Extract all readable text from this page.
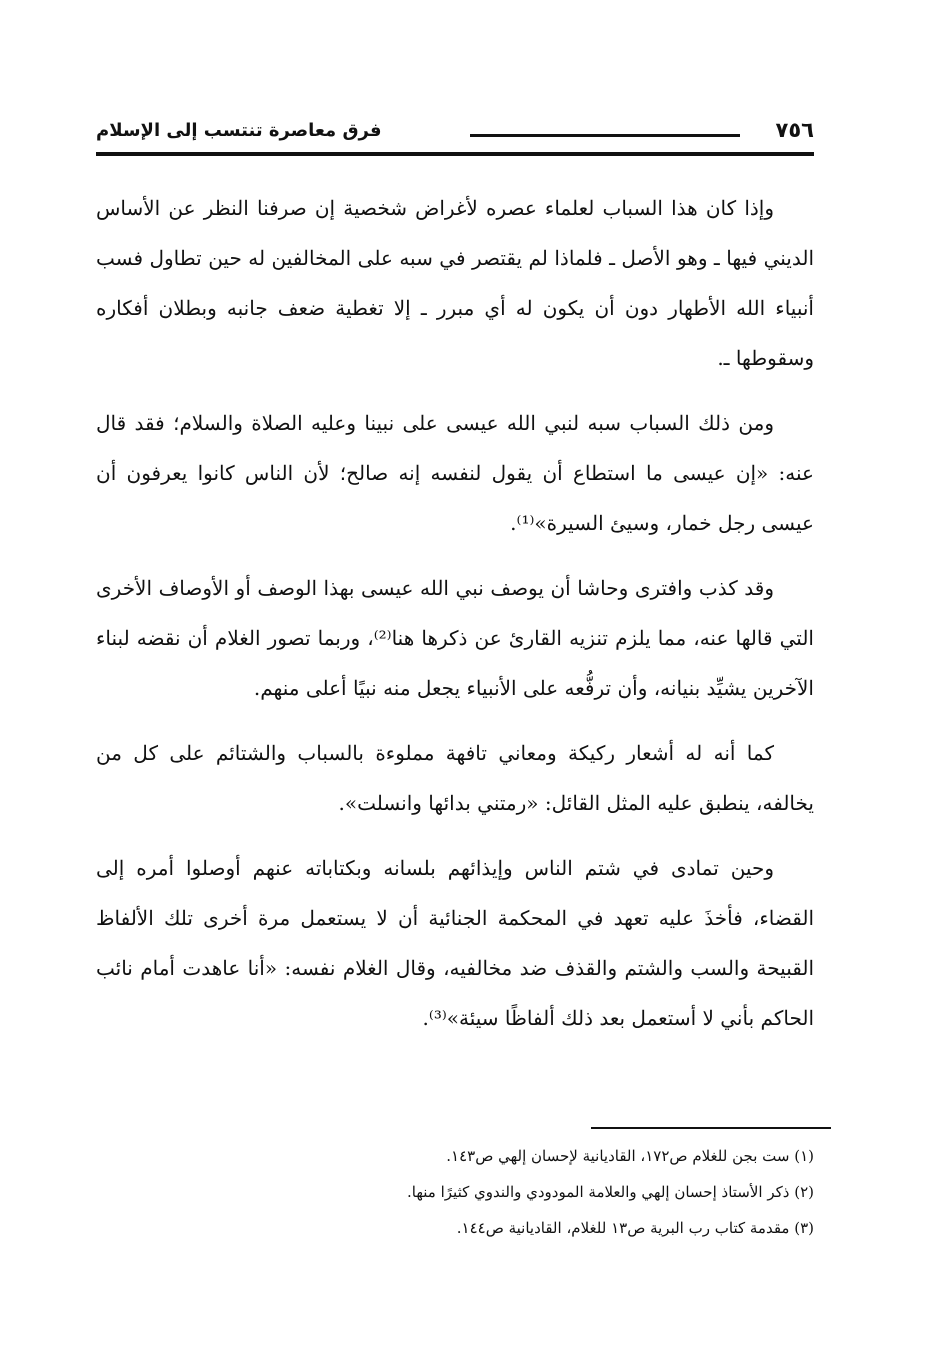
٧٥٦
فرق معاصرة تنتسب إلى الإسلام

وإذا كان هذا السباب لعلماء عصره لأغراض شخصية إن صرفنا النظر عن الأساس الديني فيها ـ وهو الأصل ـ فلماذا لم يقتصر في سبه على المخالفين له حين تطاول فسب أنبياء الله الأطهار دون أن يكون له أي مبرر ـ إلا تغطية ضعف جانبه وبطلان أفكاره وسقوطها ـ.

ومن ذلك السباب سبه لنبي الله عيسى على نبينا وعليه الصلاة والسلام؛ فقد قال عنه: «إن عيسى ما استطاع أن يقول لنفسه إنه صالح؛ لأن الناس كانوا يعرفون أن عيسى رجل خمار، وسيئ السيرة»⁽¹⁾.

وقد كذب وافترى وحاشا أن يوصف نبي الله عيسى بهذا الوصف أو الأوصاف الأخرى التي قالها عنه، مما يلزم تنزيه القارئ عن ذكرها هنا⁽²⁾، وربما تصور الغلام أن نقضه لبناء الآخرين يشيِّد بنيانه، وأن ترفُّعه على الأنبياء يجعل منه نبيًا أعلى منهم.

كما أنه له أشعار ركيكة ومعاني تافهة مملوءة بالسباب والشتائم على كل من يخالفه، ينطبق عليه المثل القائل: «رمتني بدائها وانسلت».

وحين تمادى في شتم الناس وإيذائهم بلسانه وبكتاباته عنهم أوصلوا أمره إلى القضاء، فأخذَ عليه تعهد في المحكمة الجنائية أن لا يستعمل مرة أخرى تلك الألفاظ القبيحة والسب والشتم والقذف ضد مخالفيه، وقال الغلام نفسه: «أنا عاهدت أمام نائب الحاكم بأني لا أستعمل بعد ذلك ألفاظًا سيئة»⁽³⁾.

(١) ست بجن للغلام ص١٧٢، القاديانية لإحسان إلهي ص١٤٣.
(٢) ذكر الأستاذ إحسان إلهي والعلامة المودودي والندوي كثيرًا منها.
(٣) مقدمة كتاب رب البرية ص١٣ للغلام، القاديانية ص١٤٤.
